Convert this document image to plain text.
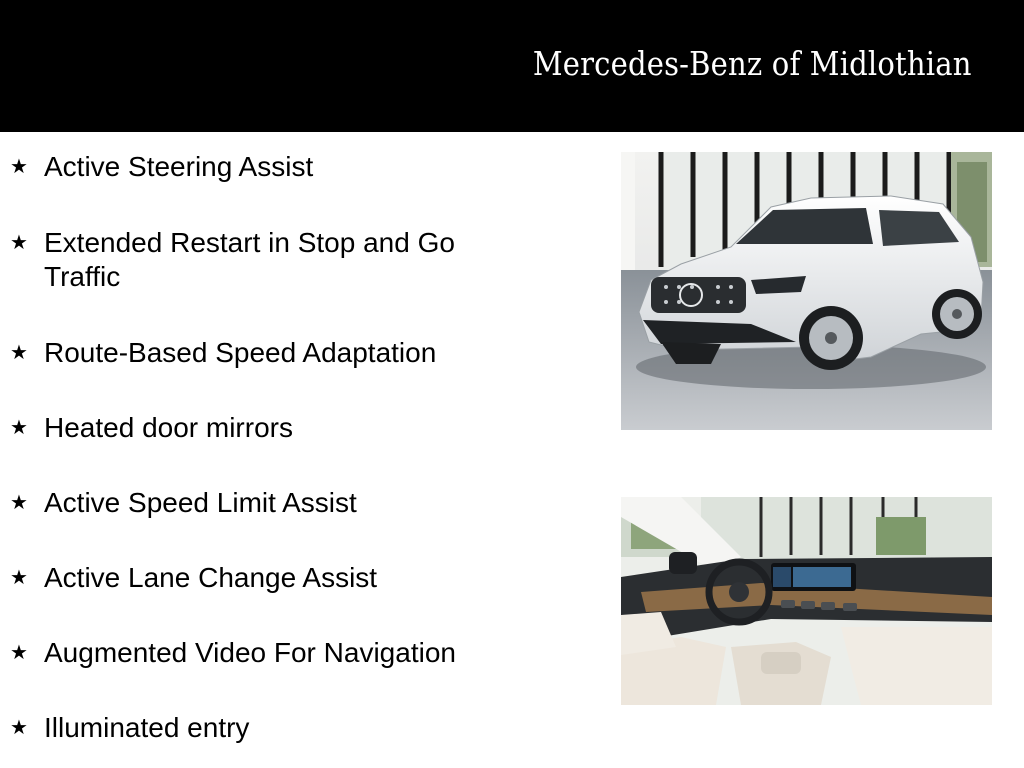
Mercedes-Benz of Midlothian
★ Active Steering Assist
★ Extended Restart in Stop and Go Traffic
★ Route-Based Speed Adaptation
★ Heated door mirrors
★ Active Speed Limit Assist
★ Active Lane Change Assist
★ Augmented Video For Navigation
★ Illuminated entry
